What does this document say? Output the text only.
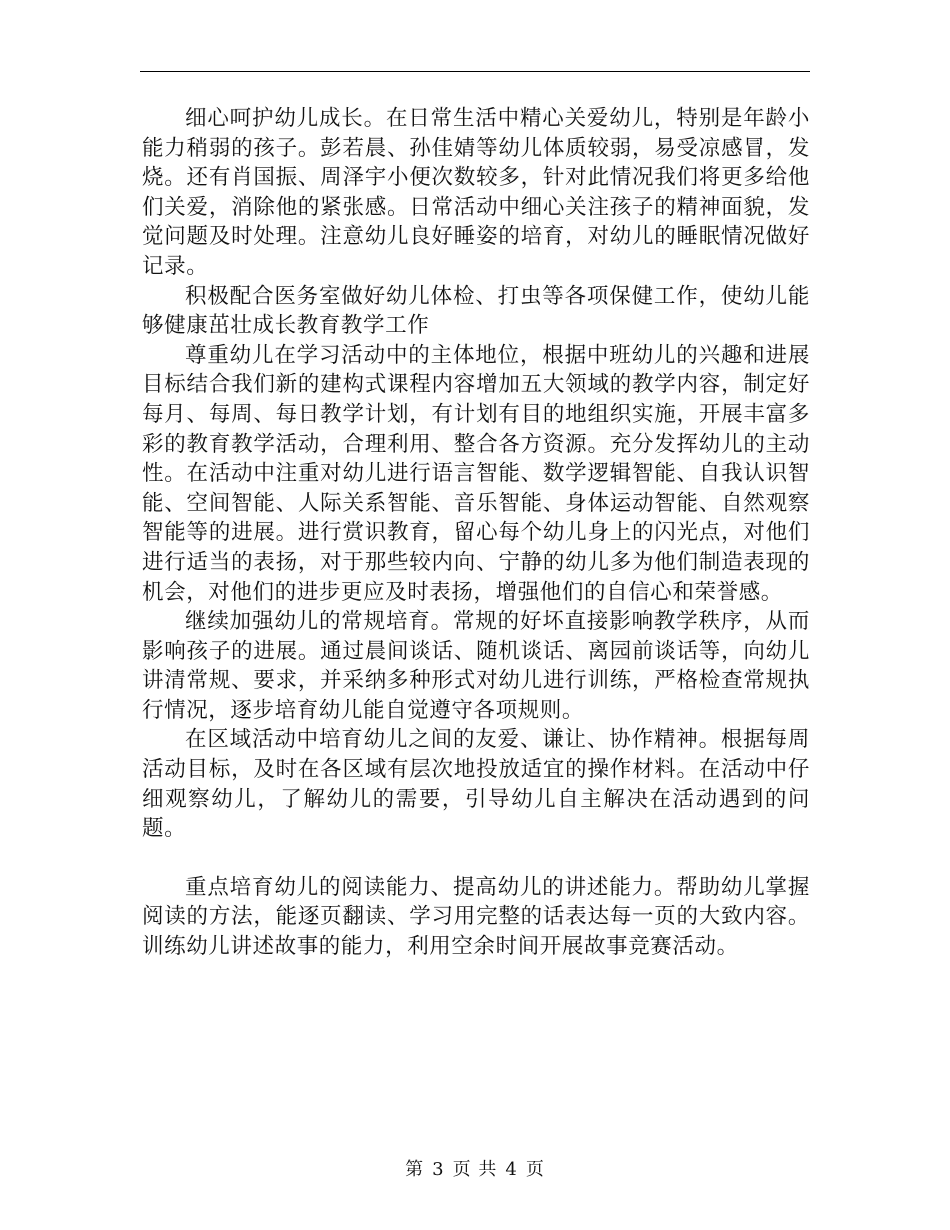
细心呵护幼儿成长。在日常生活中精心关爱幼儿，特别是年龄小能力稍弱的孩子。彭若晨、孙佳婧等幼儿体质较弱，易受凉感冒，发烧。还有肖国振、周泽宇小便次数较多，针对此情况我们将更多给他们关爱，消除他的紧张感。日常活动中细心关注孩子的精神面貌，发觉问题及时处理。注意幼儿良好睡姿的培育，对幼儿的睡眠情况做好记录。

积极配合医务室做好幼儿体检、打虫等各项保健工作，使幼儿能够健康茁壮成长教育教学工作

尊重幼儿在学习活动中的主体地位，根据中班幼儿的兴趣和进展目标结合我们新的建构式课程内容增加五大领域的教学内容，制定好每月、每周、每日教学计划，有计划有目的地组织实施，开展丰富多彩的教育教学活动，合理利用、整合各方资源。充分发挥幼儿的主动性。在活动中注重对幼儿进行语言智能、数学逻辑智能、自我认识智能、空间智能、人际关系智能、音乐智能、身体运动智能、自然观察智能等的进展。进行赏识教育，留心每个幼儿身上的闪光点，对他们进行适当的表扬，对于那些较内向、宁静的幼儿多为他们制造表现的机会，对他们的进步更应及时表扬，增强他们的自信心和荣誉感。

继续加强幼儿的常规培育。常规的好坏直接影响教学秩序，从而影响孩子的进展。通过晨间谈话、随机谈话、离园前谈话等，向幼儿讲清常规、要求，并采纳多种形式对幼儿进行训练，严格检查常规执行情况，逐步培育幼儿能自觉遵守各项规则。

在区域活动中培育幼儿之间的友爱、谦让、协作精神。根据每周活动目标，及时在各区域有层次地投放适宜的操作材料。在活动中仔细观察幼儿，了解幼儿的需要，引导幼儿自主解决在活动遇到的问题。

重点培育幼儿的阅读能力、提高幼儿的讲述能力。帮助幼儿掌握阅读的方法，能逐页翻读、学习用完整的话表达每一页的大致内容。训练幼儿讲述故事的能力，利用空余时间开展故事竞赛活动。

第 3 页 共 4 页
